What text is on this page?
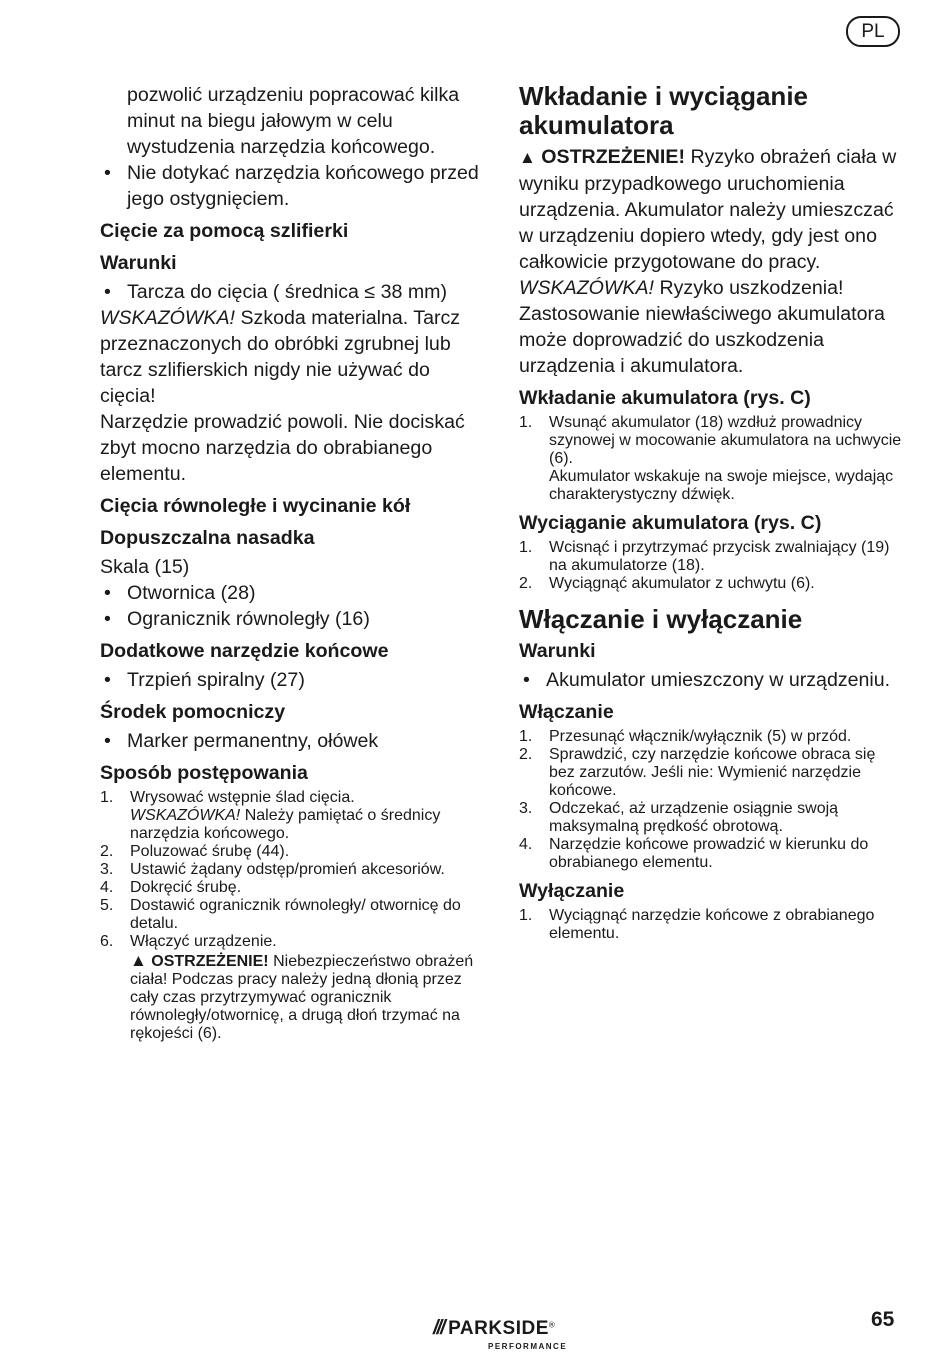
PL

pozwolić urządzeniu popracować kilka minut na biegu jałowym w celu wystudzenia narzędzia końcowego.

• Nie dotykać narzędzia końcowego przed jego ostygnięciem.
Cięcie za pomocą szlifierki
Warunki
• Tarcza do cięcia ( średnica ≤ 38 mm)

WSKAZÓWKA! Szkoda materialna. Tarcz przeznaczonych do obróbki zgrubnej lub tarcz szlifierskich nigdy nie używać do cięcia!

Narzędzie prowadzić powoli. Nie dociskać zbyt mocno narzędzia do obrabianego elementu.

Cięcia równoległe i wycinanie kół
Dopuszczalna nasadka

Skala (15)

• Otwornica (28)
• Ogranicznik równoległy (16)
Dodatkowe narzędzie końcowe
• Trzpień spiralny (27)
Środek pomocniczy
• Marker permanentny, ołówek
Sposób postępowania
1. Wrysować wstępnie ślad cięcia.
WSKAZÓWKA! Należy pamiętać o średnicy narzędzia końcowego.
2. Poluzować śrubę (44).
3. Ustawić żądany odstęp/promień akcesoriów.
4. Dokręcić śrubę.
5. Dostawić ogranicznik równoległy/ otwornicę do detalu.
6. Włączyć urządzenie.
▲ OSTRZEŻENIE! Niebezpieczeństwo obrażeń ciała! Podczas pracy należy jedną dłonią przez cały czas przytrzymywać ogranicznik równoległy/otwornicę, a drugą dłoń trzymać na rękojeści (6).
Wkładanie i wyciąganie akumulatora

▲ OSTRZEŻENIE! Ryzyko obrażeń ciała w wyniku przypadkowego uruchomienia urządzenia. Akumulator należy umieszczać w urządzeniu dopiero wtedy, gdy jest ono całkowicie przygotowane do pracy.

WSKAZÓWKA! Ryzyko uszkodzenia! Zastosowanie niewłaściwego akumulatora może doprowadzić do uszkodzenia urządzenia i akumulatora.

Wkładanie akumulatora (rys. C)
1. Wsunąć akumulator (18) wzdłuż prowadnicy szynowej w mocowanie akumulatora na uchwycie (6).
Akumulator wskakuje na swoje miejsce, wydając charakterystyczny dźwięk.
Wyciąganie akumulatora (rys. C)
1. Wcisnąć i przytrzymać przycisk zwalniający (19) na akumulatorze (18).
2. Wyciągnąć akumulator z uchwytu (6).
Włączanie i wyłączanie
Warunki
• Akumulator umieszczony w urządzeniu.
Włączanie
1. Przesunąć włącznik/wyłącznik (5) w przód.
2. Sprawdzić, czy narzędzie końcowe obraca się bez zarzutów. Jeśli nie: Wymienić narzędzie końcowe.
3. Odczekać, aż urządzenie osiągnie swoją maksymalną prędkość obrotową.
4. Narzędzie końcowe prowadzić w kierunku do obrabianego elementu.
Wyłączanie
1. Wyciągnąć narzędzie końcowe z obrabianego elementu.
/// PARKSIDE®
PERFORMANCE
65
